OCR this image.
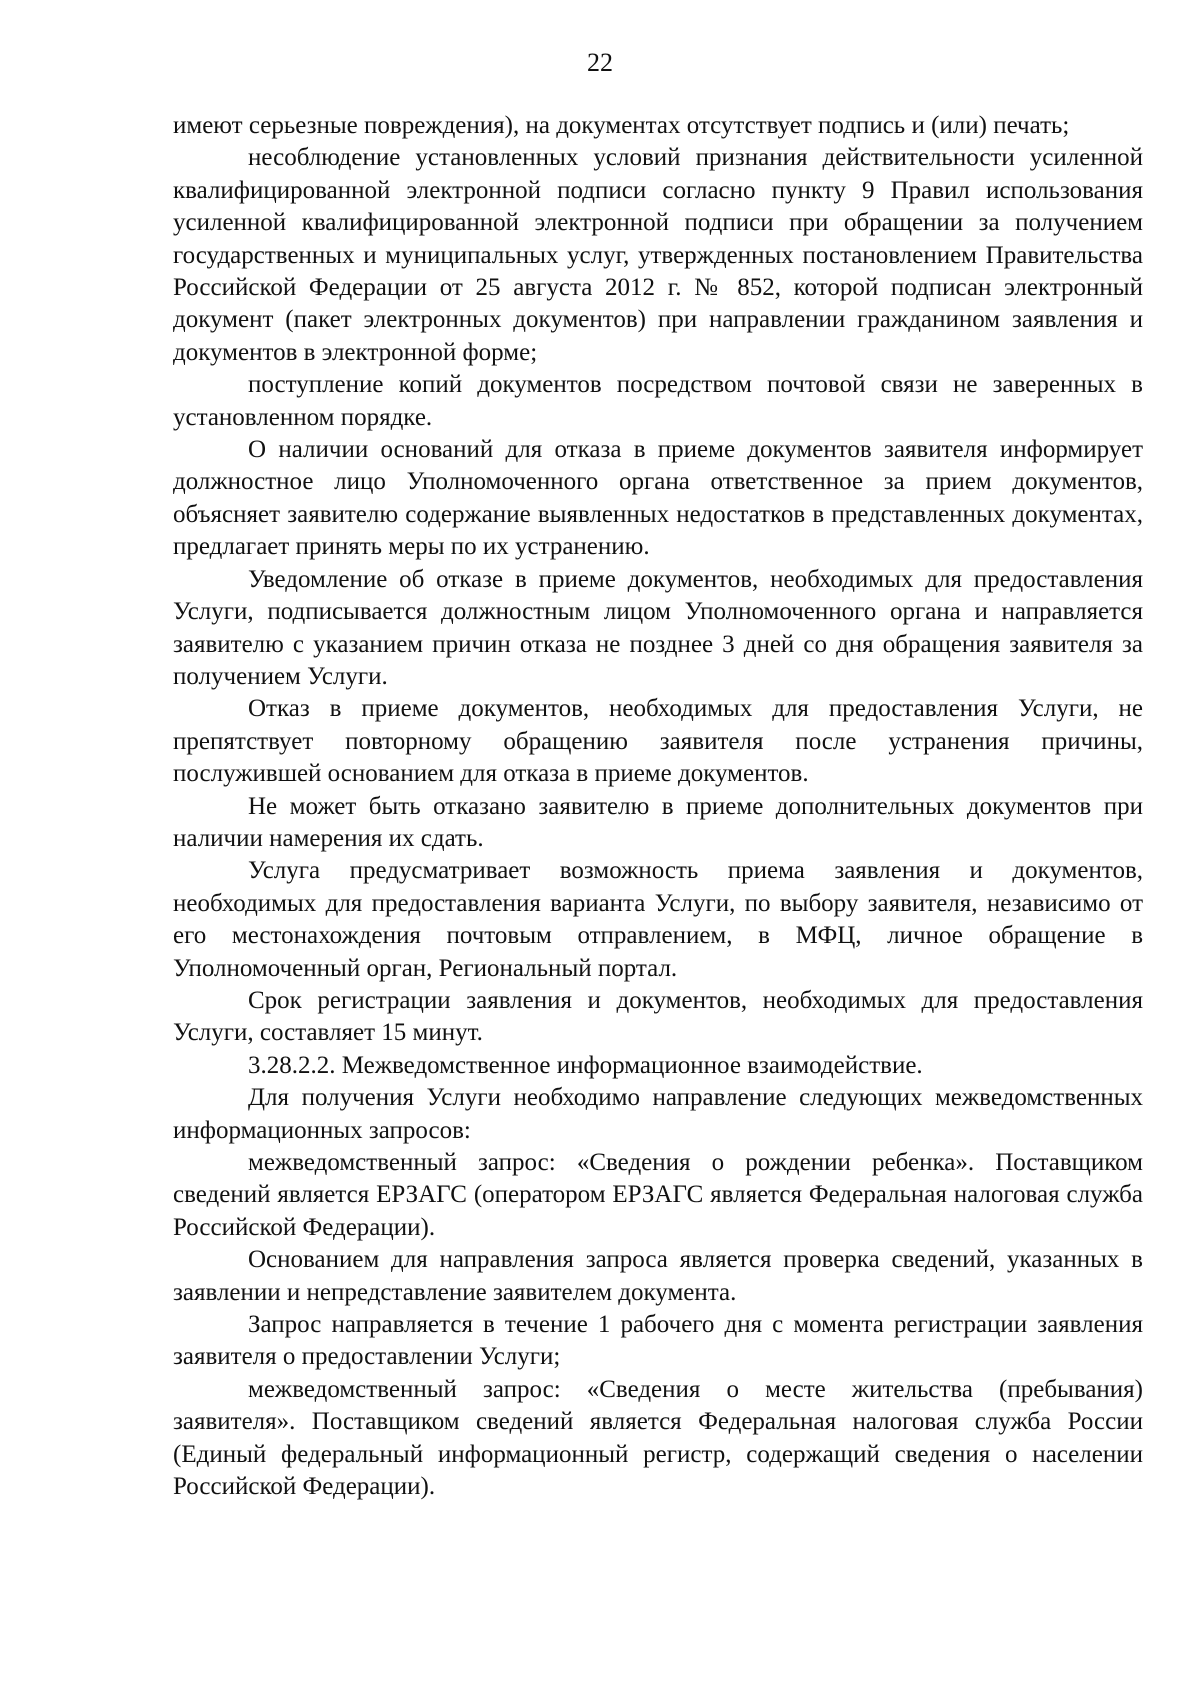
22

имеют серьезные повреждения), на документах отсутствует подпись и (или) печать;

несоблюдение установленных условий признания действительности усиленной квалифицированной электронной подписи согласно пункту 9 Правил использования усиленной квалифицированной электронной подписи при обращении за получением государственных и муниципальных услуг, утвержденных постановлением Правительства Российской Федерации от 25 августа 2012 г. № 852, которой подписан электронный документ (пакет электронных документов) при направлении гражданином заявления и документов в электронной форме;

поступление копий документов посредством почтовой связи не заверенных в установленном порядке.

О наличии оснований для отказа в приеме документов заявителя информирует должностное лицо Уполномоченного органа ответственное за прием документов, объясняет заявителю содержание выявленных недостатков в представленных документах, предлагает принять меры по их устранению.

Уведомление об отказе в приеме документов, необходимых для предоставления Услуги, подписывается должностным лицом Уполномоченного органа и направляется заявителю с указанием причин отказа не позднее 3 дней со дня обращения заявителя за получением Услуги.

Отказ в приеме документов, необходимых для предоставления Услуги, не препятствует повторному обращению заявителя после устранения причины, послужившей основанием для отказа в приеме документов.

Не может быть отказано заявителю в приеме дополнительных документов при наличии намерения их сдать.

Услуга предусматривает возможность приема заявления и документов, необходимых для предоставления варианта Услуги, по выбору заявителя, независимо от его местонахождения почтовым отправлением, в МФЦ, личное обращение в Уполномоченный орган, Региональный портал.

Срок регистрации заявления и документов, необходимых для предоставления Услуги, составляет 15 минут.

3.28.2.2. Межведомственное информационное взаимодействие.

Для получения Услуги необходимо направление следующих межведомственных информационных запросов:

межведомственный запрос: «Сведения о рождении ребенка». Поставщиком сведений является ЕРЗАГС (оператором ЕРЗАГС является Федеральная налоговая служба Российской Федерации).

Основанием для направления запроса является проверка сведений, указанных в заявлении и непредставление заявителем документа.

Запрос направляется в течение 1 рабочего дня с момента регистрации заявления заявителя о предоставлении Услуги;

межведомственный запрос: «Сведения о месте жительства (пребывания) заявителя». Поставщиком сведений является Федеральная налоговая служба России (Единый федеральный информационный регистр, содержащий сведения о населении Российской Федерации).
